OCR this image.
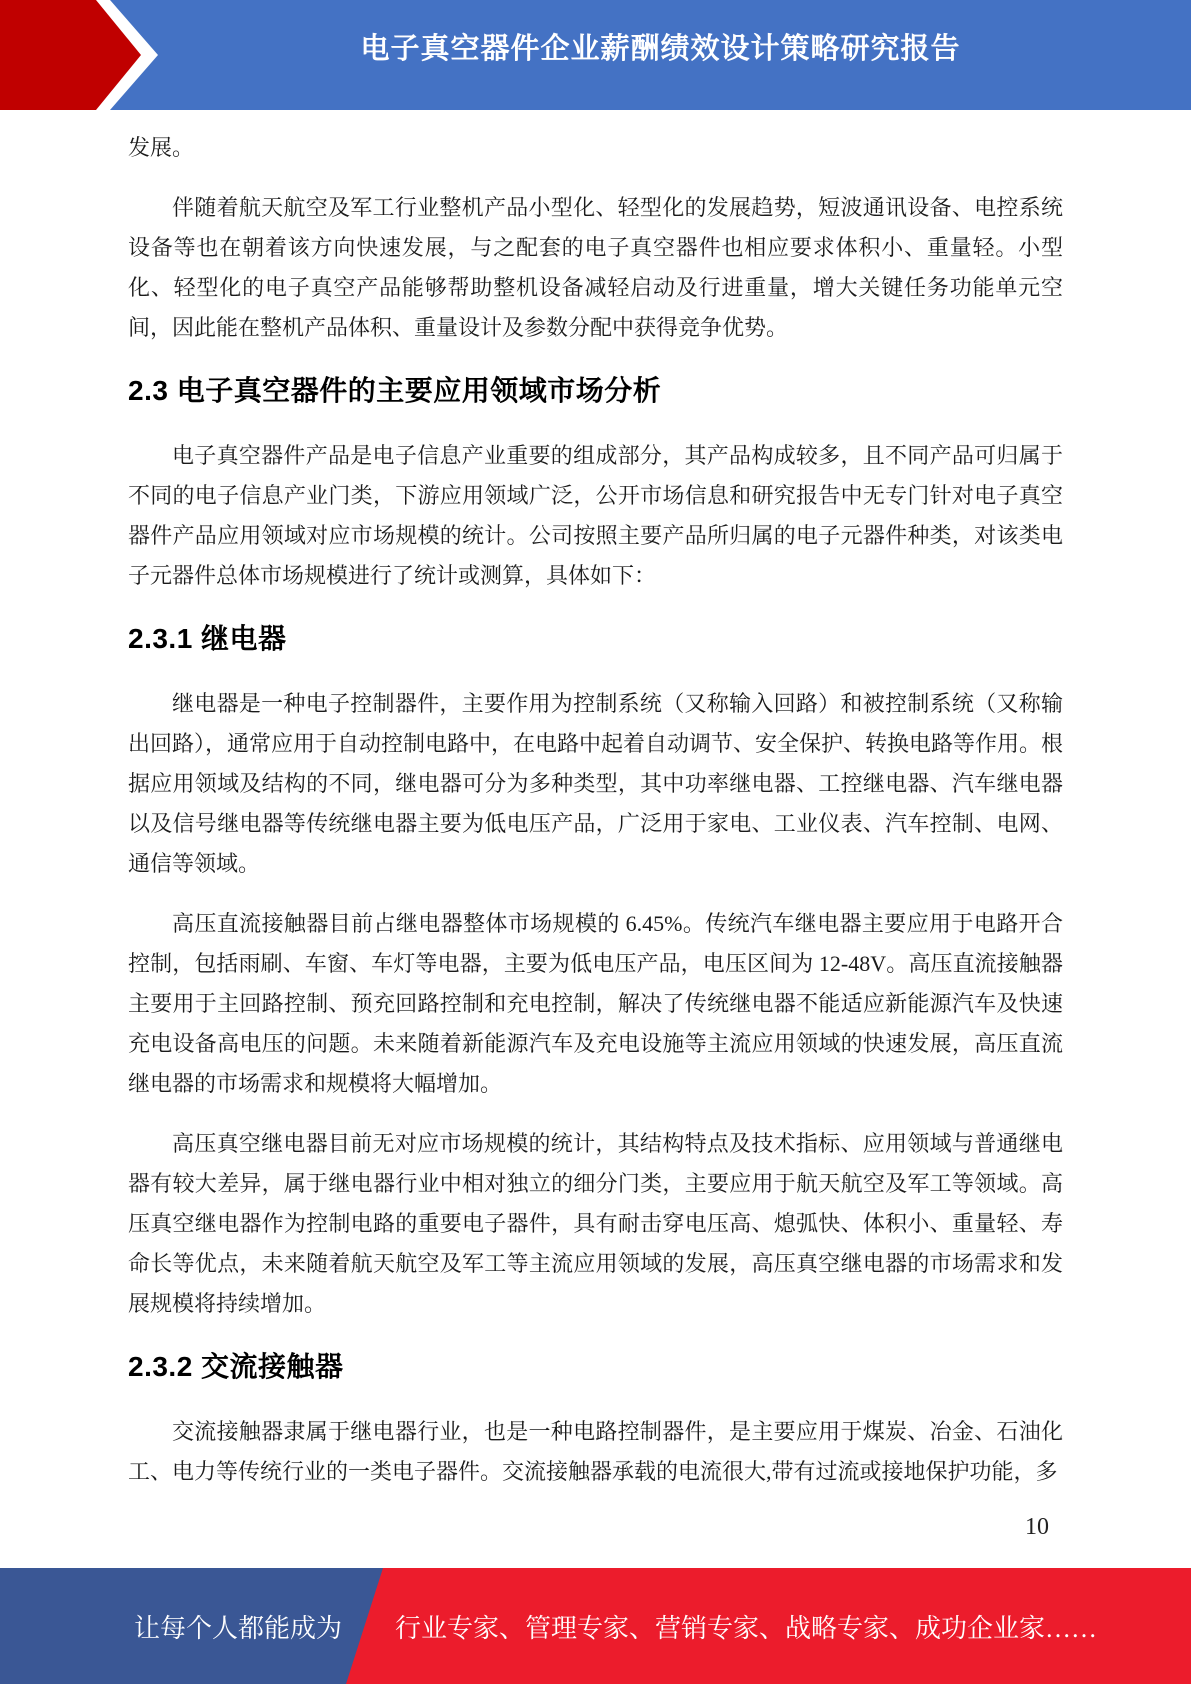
电子真空器件企业薪酬绩效设计策略研究报告

发展。

伴随着航天航空及军工行业整机产品小型化、轻型化的发展趋势，短波通讯设备、电控系统设备等也在朝着该方向快速发展，与之配套的电子真空器件也相应要求体积小、重量轻。小型化、轻型化的电子真空产品能够帮助整机设备减轻启动及行进重量，增大关键任务功能单元空间，因此能在整机产品体积、重量设计及参数分配中获得竞争优势。

2.3 电子真空器件的主要应用领域市场分析

电子真空器件产品是电子信息产业重要的组成部分，其产品构成较多，且不同产品可归属于不同的电子信息产业门类，下游应用领域广泛，公开市场信息和研究报告中无专门针对电子真空器件产品应用领域对应市场规模的统计。公司按照主要产品所归属的电子元器件种类，对该类电子元器件总体市场规模进行了统计或测算，具体如下：

2.3.1 继电器

继电器是一种电子控制器件，主要作用为控制系统（又称输入回路）和被控制系统（又称输出回路），通常应用于自动控制电路中，在电路中起着自动调节、安全保护、转换电路等作用。根据应用领域及结构的不同，继电器可分为多种类型，其中功率继电器、工控继电器、汽车继电器以及信号继电器等传统继电器主要为低电压产品，广泛用于家电、工业仪表、汽车控制、电网、通信等领域。

高压直流接触器目前占继电器整体市场规模的 6.45%。传统汽车继电器主要应用于电路开合控制，包括雨刷、车窗、车灯等电器，主要为低电压产品，电压区间为 12-48V。高压直流接触器主要用于主回路控制、预充回路控制和充电控制，解决了传统继电器不能适应新能源汽车及快速充电设备高电压的问题。未来随着新能源汽车及充电设施等主流应用领域的快速发展，高压直流继电器的市场需求和规模将大幅增加。

高压真空继电器目前无对应市场规模的统计，其结构特点及技术指标、应用领域与普通继电器有较大差异，属于继电器行业中相对独立的细分门类，主要应用于航天航空及军工等领域。高压真空继电器作为控制电路的重要电子器件，具有耐击穿电压高、熄弧快、体积小、重量轻、寿命长等优点，未来随着航天航空及军工等主流应用领域的发展，高压真空继电器的市场需求和发展规模将持续增加。

2.3.2 交流接触器

交流接触器隶属于继电器行业，也是一种电路控制器件，是主要应用于煤炭、冶金、石油化工、电力等传统行业的一类电子器件。交流接触器承载的电流很大,带有过流或接地保护功能，多

10
让每个人都能成为 行业专家、管理专家、营销专家、战略专家、成功企业家……
